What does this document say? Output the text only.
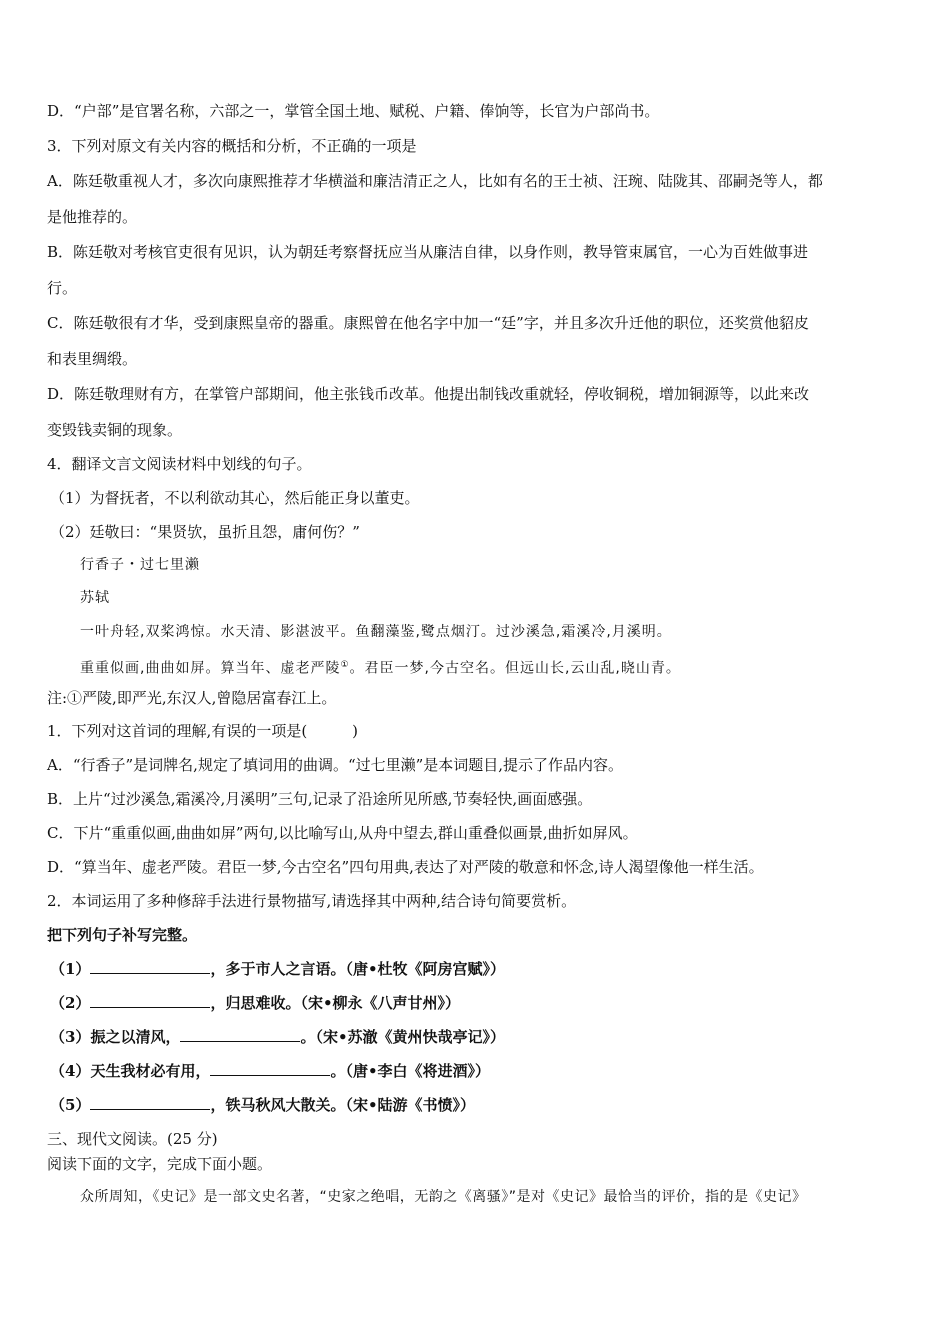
D．“户部”是官署名称，六部之一，掌管全国土地、赋税、户籍、俸饷等，长官为户部尚书。
3．下列对原文有关内容的概括和分析，不正确的一项是
A．陈廷敬重视人才，多次向康熙推荐才华横溢和廉洁清正之人，比如有名的王士祯、汪琬、陆陇其、邵嗣尧等人，都
是他推荐的。
B．陈廷敬对考核官吏很有见识，认为朝廷考察督抚应当从廉洁自律，以身作则，教导管束属官，一心为百姓做事进
行。
C．陈廷敬很有才华，受到康熙皇帝的器重。康熙曾在他名字中加一“廷”字，并且多次升迁他的职位，还奖赏他貂皮
和表里绸缎。
D．陈廷敬理财有方，在掌管户部期间，他主张钱币改革。他提出制钱改重就轻，停收铜税，增加铜源等，以此来改
变毁钱卖铜的现象。
4．翻译文言文阅读材料中划线的句子。
（1）为督抚者，不以利欲动其心，然后能正身以董吏。
（2）廷敬曰：“果贤欤，虽折且怨，庸何伤？”
行香子・过七里濑
苏轼
一叶舟轻,双桨鸿惊。水天清、影湛波平。鱼翻藻鉴,鹭点烟汀。过沙溪急,霜溪冷,月溪明。
重重似画,曲曲如屏。算当年、虚老严陵①。君臣一梦,今古空名。但远山长,云山乱,晓山青。
注:①严陵,即严光,东汉人,曾隐居富春江上。
1．下列对这首词的理解,有误的一项是(　　　)
A．“行香子”是词牌名,规定了填词用的曲调。“过七里濑”是本词题目,提示了作品内容。
B．上片“过沙溪急,霜溪冷,月溪明”三句,记录了沿途所见所感,节奏轻快,画面感强。
C．下片“重重似画,曲曲如屏”两句,以比喻写山,从舟中望去,群山重叠似画景,曲折如屏风。
D．“算当年、虚老严陵。君臣一梦,今古空名”四句用典,表达了对严陵的敬意和怀念,诗人渴望像他一样生活。
2．本词运用了多种修辞手法进行景物描写,请选择其中两种,结合诗句简要赏析。
把下列句子补写完整。
（1）	，多于市人之言语。（唐•杜牧《阿房宫赋》）
（2）	，归思难收。（宋•柳永《八声甘州》）
（3）振之以清风，	。（宋•苏澈《黄州快哉亭记》）
（4）天生我材必有用，	。（唐•李白《将进酒》）
（5）	，铁马秋风大散关。（宋•陆游《书愤》）
三、现代文阅读。(25 分)
阅读下面的文字，完成下面小题。
众所周知，《史记》是一部文史名著，“史家之绝唱，无韵之《离骚》”是对《史记》最恰当的评价，指的是《史记》
